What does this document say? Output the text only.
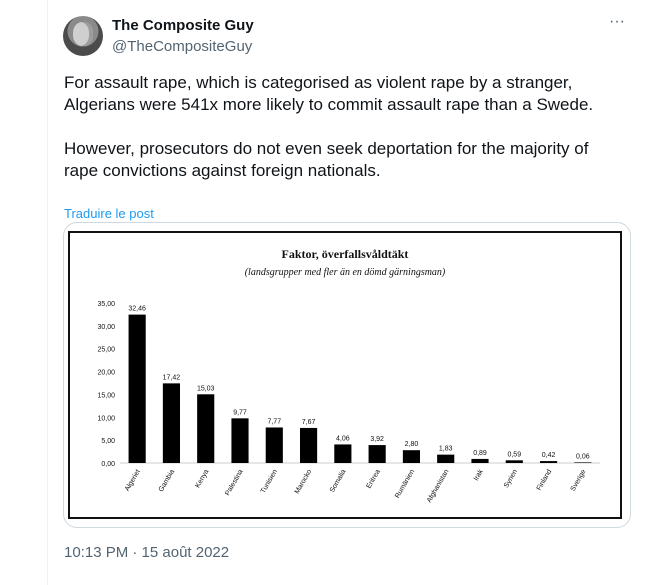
The Composite Guy
@TheCompositeGuy
···
For assault rape, which is categorised as violent rape by a stranger, Algerians were 541x more likely to commit assault rape than a Swede.

However, prosecutors do not even seek deportation for the majority of rape convictions against foreign nationals.
Traduire le post
Faktor, överfallsvåldtäkt
(landsgrupper med fler än en dömd gärningsman)
0,00
5,00
10,00
15,00
20,00
25,00
30,00
35,00
32,46
Algeriet
17,42
Gambia
15,03
Kenya
9,77
Palestina
7,77
Tunisien
7,67
Marocko
4,06
Somalia
3,92
Eritrea
2,80
Rumänien
1,83
Afghanistan
0,89
Irak
0,59
Syrien
0,42
Finland
0,06
Sverige
10:13 PM · 15 août 2022
